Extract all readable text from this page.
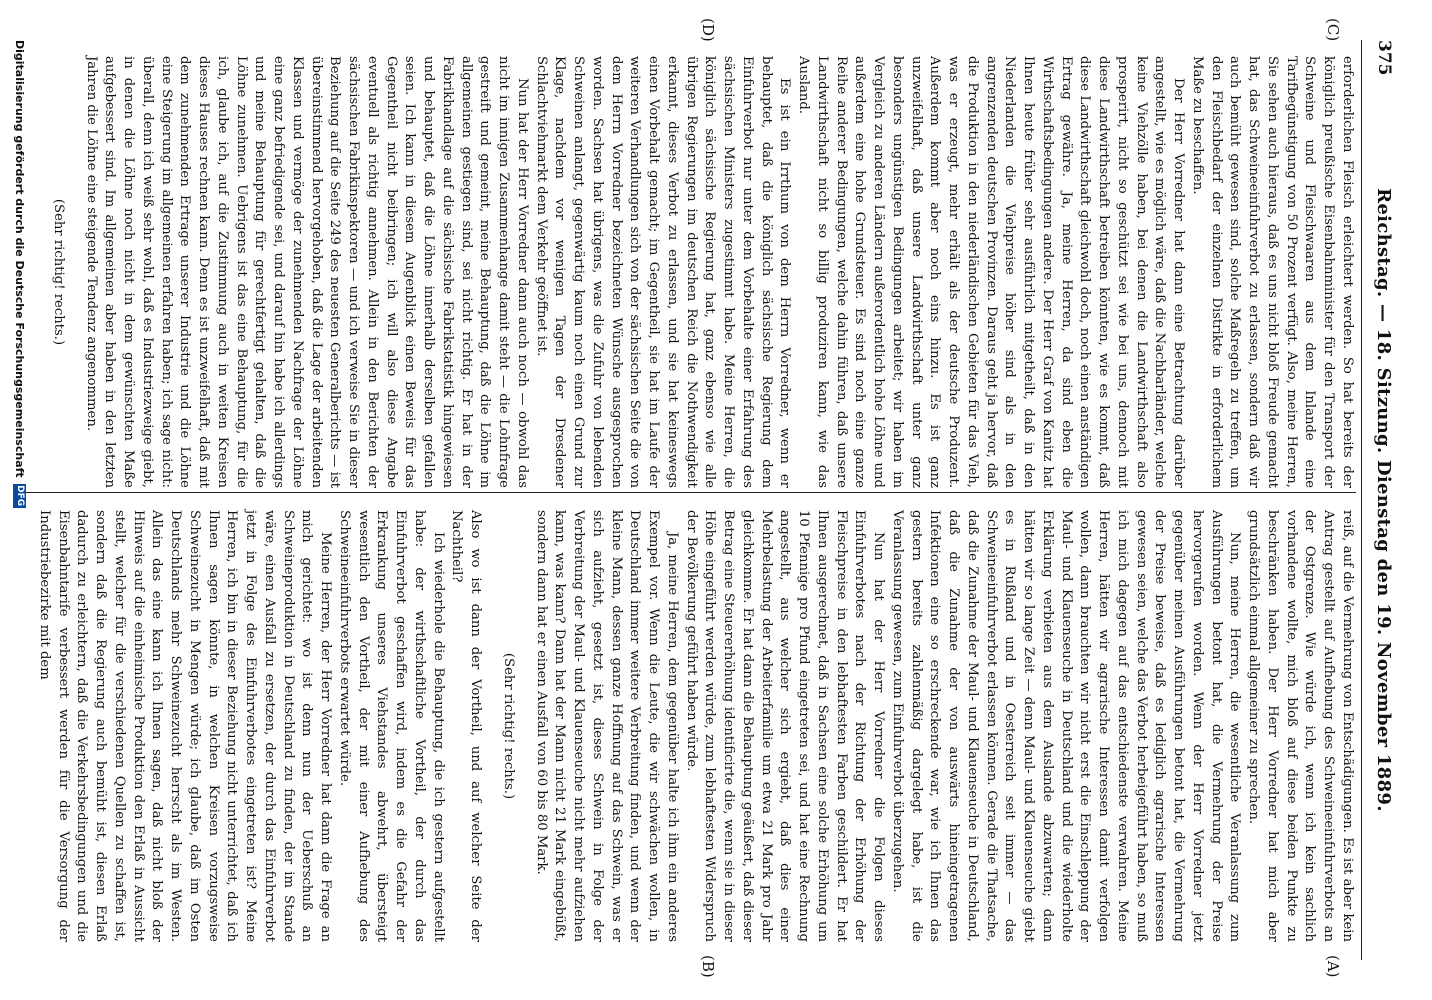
375
Reichstag. — 18. Sitzung. Dienstag den 19. November 1889.
(C)
(D)
(A)
(B)

erforderlichen Fleisch erleichtert werden. So hat bereits der königlich preußische Eisenbahnminister für den Transport der Schweine und Fleischwaaren aus dem Inlande eine Tarifbegünstigung von 50 Prozent verfügt. Also, meine Herren, Sie sehen auch hieraus, daß es uns nicht bloß Freude gemacht hat, das Schweineeinfuhrverbot zu erlassen, sondern daß wir auch bemüht gewesen sind, solche Maßregeln zu treffen, um den Fleischbedarf der einzelnen Distrikte in erforderlichem Maße zu beschaffen.

Der Herr Vorredner hat dann eine Betrachtung darüber angestellt, wie es möglich wäre, daß die Nachbarländer, welche keine Viehzölle haben, bei denen die Landwirthschaft also prosperirt, nicht so geschützt sei wie bei uns, dennoch mit diese Landwirthschaft betreiben könnten, wie es kommt, daß diese Landwirthschaft gleichwohl doch, noch einen anständigen Ertrag gewähre. Ja, meine Herren, da sind eben die Wirthschaftsbedingungen andere. Der Herr Graf von Kanitz hat Ihnen heute früher sehr ausführlich mitgetheilt, daß in den Niederlanden die Viehpreise höher sind als in den angrenzenden deutschen Provinzen. Daraus geht ja hervor, daß die Produktion in den niederländischen Gebieten für das Vieh, was er erzeugt, mehr erhält als der deutsche Produzent. Außerdem kommt aber noch eins hinzu. Es ist ganz unzweifelhaft, daß unsere Landwirthschaft unter ganz besonders ungünstigen Bedingungen arbeitet; wir haben im Vergleich zu anderen Ländern außerordentlich hohe Löhne und außerdem eine hohe Grundsteuer. Es sind noch eine ganze Reihe anderer Bedingungen, welche dahin führen, daß unsere Landwirthschaft nicht so billig produziren kann, wie das Ausland.

Es ist ein Irrthum von dem Herrn Vorredner, wenn er behauptet, daß die königlich sächsische Regierung dem Einfuhrverbot nur unter dem Vorbehalte einer Erfahrung des sächsischen Ministers zugestimmt habe. Meine Herren, die königlich sächsische Regierung hat, ganz ebenso wie alle übrigen Regierungen im deutschen Reich die Nothwendigkeit erkannt, dieses Verbot zu erlassen, und sie hat keineswegs einen Vorbehalt gemacht; im Gegentheil, sie hat im Laufe der weiteren Verhandlungen sich von der sächsischen Seite die von dem Herrn Vorredner bezeichneten Wünsche ausgesprochen worden. Sachsen hat übrigens, was die Zufuhr von lebenden Schweinen anlangt, gegenwärtig kaum noch einen Grund zur Klage, nachdem vor wenigen Tagen der Dresdener Schlachtviehmarkt dem Verkehr geöffnet ist.

Nun hat der Herr Vorredner dann auch noch — obwohl das nicht im innigen Zusammenhange damit steht — die Lohnfrage gestreift und gemeint, meine Behauptung, daß die Löhne im allgemeinen gestiegen sind, sei nicht richtig. Er hat in der Fabrikhandlage auf die sächsische Fabrikstatistik hingewiesen und behauptet, daß die Löhne innerhalb derselben gefallen seien. Ich kann in diesem Augenblick einen Beweis für das Gegentheil nicht beibringen; ich will also diese Angabe eventuell als richtig annehmen. Allein in den Berichten der sächsischen Fabrikinspektoren — und ich verweise Sie in dieser Beziehung auf die Seite 249 des neuesten Generalberichts — ist übereinstimmend hervorgehoben, daß die Lage der arbeitenden Klassen und vermöge der zunehmenden Nachfrage der Löhne eine ganz befriedigende sei, und darauf hin habe ich allerdings und meine Behauptung für gerechtfertigt gehalten, daß die Löhne zunehmen. Uebrigens ist das eine Behauptung, für die ich, glaube ich, auf die Zustimmung auch in weiten Kreisen dieses Hauses rechnen kann. Denn es ist unzweifelhaft, daß mit dem zunehmenden Ertrage unserer Industrie und die Löhne eine Steigerung im allgemeinen erfahren haben; ich sage nicht: überall, denn ich weiß sehr wohl, daß es Industriezweige giebt, in denen die Löhne noch nicht in dem gewünschten Maße aufgebessert sind. Im allgemeinen aber haben in den letzten Jahren die Löhne eine steigende Tendenz angenommen.

(Sehr richtig! rechts.)

reiß, auf die Vermehrung von Entschädigungen. Es ist aber kein Antrag gestellt auf Aufhebung des Schweineeinfuhrverbots an der Ostgrenze. Wie würde ich, wenn ich kein sachlich vorhandene wollte, mich bloß auf diese beiden Punkte zu beschränken haben. Der Herr Vorredner hat mich aber grundsätzlich einmal allgemeiner zu sprechen.

Nun, meine Herren, die wesentliche Veranlassung zum Ausführungen betont hat, die Vermehrung der Preise hervorgerufen worden. Wenn der Herr Vorredner jetzt gegenüber meinen Ausführungen betont hat, die Vermehrung der Preise beweise, daß es lediglich agrarische Interessen gewesen seien, welche das Verbot herbeigeführt haben, so muß ich mich dagegen auf das entschiedenste verwahren. Meine Herren, hätten wir agrarische Interessen damit verfolgen wollen, dann brauchten wir nicht erst die Einschleppung der Maul- und Klauenseuche in Deutschland und die wiederholte Erklärung verbieten aus dem Auslande abzuwarten; dann hätten wir so lange Zeit — denn Maul- und Klauenseuche giebt es in Rußland und in Oesterreich seit immer — das Schweineeinfuhrverbot erlassen können. Gerade die Thatsache, daß die Zunahme der Maul- und Klauenseuche in Deutschland, daß die Zunahme der von auswärts hineingetragenen Infektionen eine so erschreckende war, wie ich Ihnen das gestern bereits zahlenmäßig dargelegt habe, ist die Veranlassung gewesen, zum Einfuhrverbot überzugehen.

Nun hat der Herr Vorredner die Folgen dieses Einfuhrverbotes nach der Richtung der Erhöhung der Fleischpreise in den lebhaftesten Farben geschildert. Er hat Ihnen ausgerechnet, daß in Sachsen eine solche Erhöhung um 10 Pfennige pro Pfund eingetreten sei, und hat eine Rechnung angestellt, aus welcher sich ergiebt, daß dies einer Mehrbelastung der Arbeiterfamilie um etwa 21 Mark pro Jahr gleichkomme. Er hat dann die Behauptung geäußert, daß dieser Betrag eine Steuererhöhung identificirte die, wenn sie in dieser Höhe eingeführt werden würde, zum lebhaftesten Widerspruch der Bevölkerung geführt haben würde.

Ja, meine Herren, dem gegenüber halte ich ihm ein anderes Exempel vor. Wenn die Leute, die wir schwächen wollen, in Deutschland immer weitere Verbreitung finden, und wenn der kleine Mann, dessen ganze Hoffnung auf das Schwein, was er sich aufzieht, gesetzt ist, dieses Schwein in Folge der Verbreitung der Maul- und Klauenseuche nicht mehr aufziehen kann, was kann? Dann hat der Mann nicht 21 Mark eingebüßt, sondern dann hat er einen Ausfall von 60 bis 80 Mark.

(Sehr richtig! rechts.)

Also wo ist dann der Vortheil, und auf welcher Seite der Nachtheil?

Ich wiederhole die Behauptung, die ich gestern aufgestellt habe: der wirthschaftliche Vortheil, der durch das Einfuhrverbot geschaffen wird, indem es die Gefahr der Erkrankung unseres Viehstandes abwehrt, übersteigt wesentlich den Vortheil, der mit einer Aufhebung des Schweineeinfuhrverbots erwartet würde.

Meine Herren, der Herr Vorredner hat dann die Frage an mich gerichtet: wo ist denn nun der Ueberschuß an Schweineproduktion in Deutschland zu finden, der im Stande wäre, einen Ausfall zu ersetzen, der durch das Einfuhrverbot jetzt in Folge des Einfuhrverbotes eingetreten ist? Meine Herren, ich bin in dieser Beziehung nicht unterrichtet, daß ich Ihnen sagen könnte, in welchen Kreisen vorzugsweise Schweinezucht in Mengen würde; ich glaube, daß im Osten Deutschlands mehr Schweinezucht herrscht als im Westen. Allein das eine kann ich Ihnen sagen, daß nicht bloß der Hinweis auf die einheimische Produktion den Erlaß in Aussicht stellt, welcher für die verschiedenen Quellen zu schaffen ist, sondern daß die Regierung auch bemüht ist, diesen Erlaß dadurch zu erleichtern, daß die Verkehrsbedingungen und die Eisenbahntarife verbessert werden für die Versorgung der Industriebezirke mit dem

Digitalisierung gefördert durch die Deutsche Forschungsgemeinschaft
DFG
